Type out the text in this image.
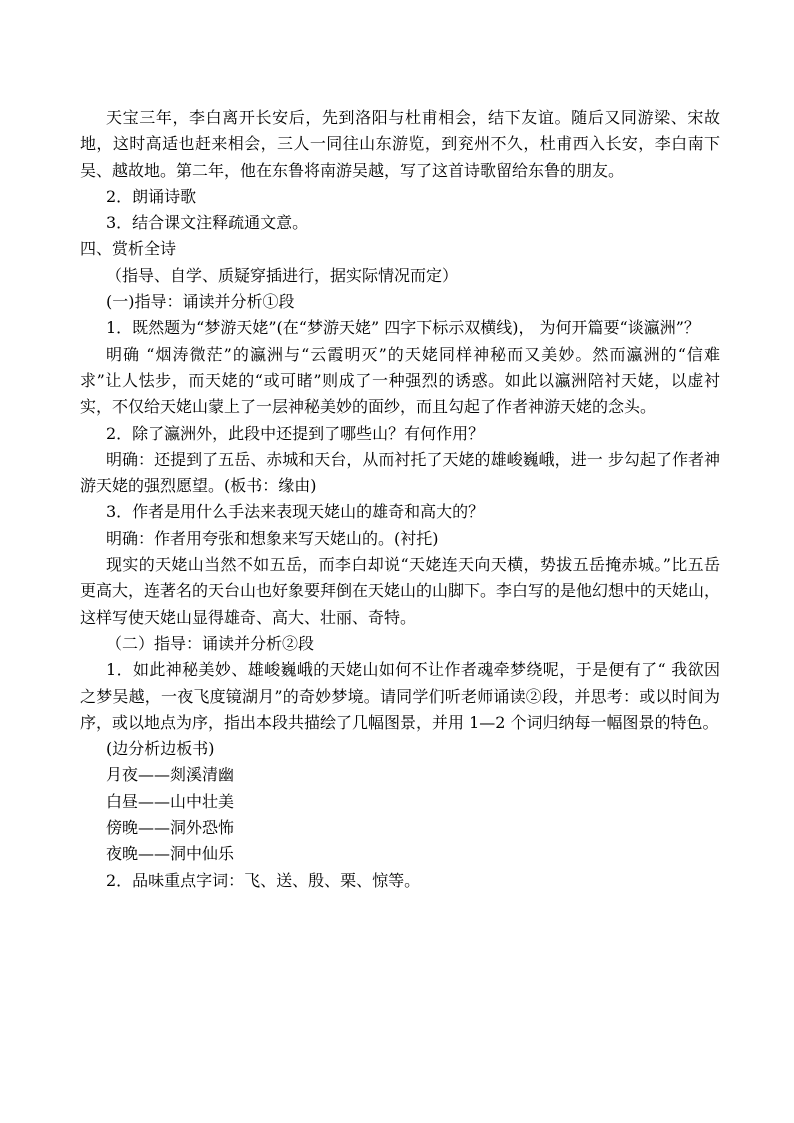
天宝三年，李白离开长安后，先到洛阳与杜甫相会，结下友谊。随后又同游梁、宋故地，这时高适也赶来相会，三人一同往山东游览，到兖州不久，杜甫西入长安，李白南下吴、越故地。第二年，他在东鲁将南游吴越，写了这首诗歌留给东鲁的朋友。
2．朗诵诗歌
3．结合课文注释疏通文意。
四、赏析全诗
（指导、自学、质疑穿插进行，据实际情况而定）
(一)指导：诵读并分析①段
1．既然题为“梦游天姥”(在“梦游天姥” 四字下标示双横线)， 为何开篇要“谈瀛洲”？
明确 “烟涛微茫”的瀛洲与“云霞明灭”的天姥同样神秘而又美妙。然而瀛洲的“信难求”让人怯步，而天姥的“或可睹”则成了一种强烈的诱惑。如此以瀛洲陪衬天姥，以虚衬实，不仅给天姥山蒙上了一层神秘美妙的面纱，而且勾起了作者神游天姥的念头。
2．除了瀛洲外，此段中还提到了哪些山？有何作用？
明确：还提到了五岳、赤城和天台，从而衬托了天姥的雄峻巍峨，进一 步勾起了作者神游天姥的强烈愿望。(板书：缘由)
3．作者是用什么手法来表现天姥山的雄奇和高大的？
明确：作者用夸张和想象来写天姥山的。(衬托)
现实的天姥山当然不如五岳，而李白却说“天姥连天向天横，势拔五岳掩赤城。”比五岳更高大，连著名的天台山也好象要拜倒在天姥山的山脚下。李白写的是他幻想中的天姥山，这样写使天姥山显得雄奇、高大、壮丽、奇特。
（二）指导：诵读并分析②段
1．如此神秘美妙、雄峻巍峨的天姥山如何不让作者魂牵梦绕呢，于是便有了“ 我欲因之梦吴越，一夜飞度镜湖月”的奇妙梦境。请同学们听老师诵读②段，并思考：或以时间为序，或以地点为序，指出本段共描绘了几幅图景，并用 1—2 个词归纳每一幅图景的特色。
(边分析边板书)
月夜——剡溪清幽
白昼——山中壮美
傍晚——洞外恐怖
夜晚——洞中仙乐
2．品味重点字词：飞、送、殷、栗、惊等。
